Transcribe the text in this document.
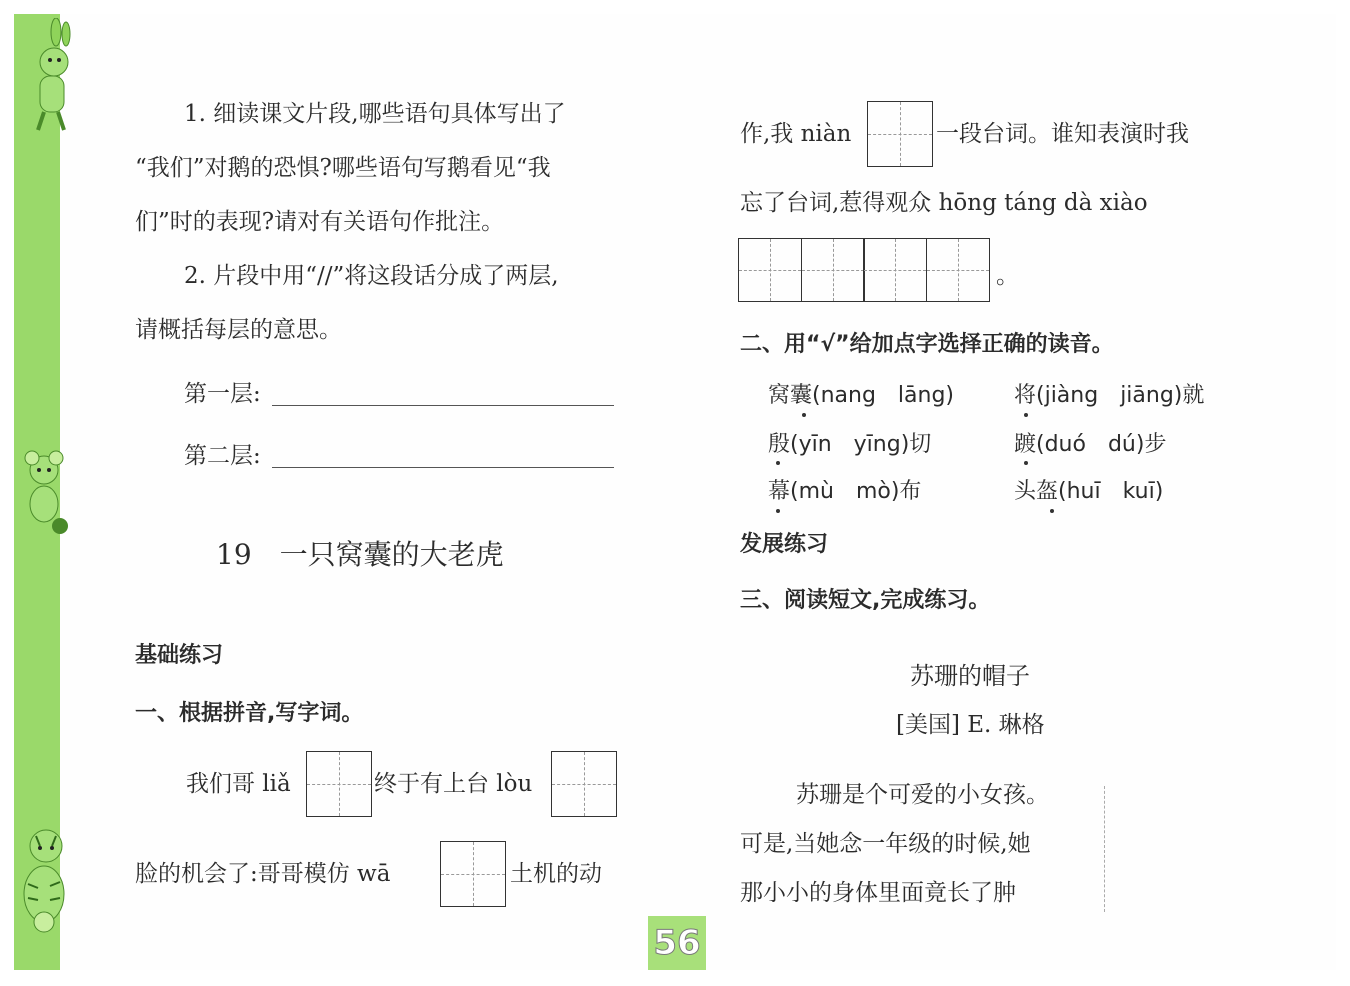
1. 细读课文片段,哪些语句具体写出了
“我们”对鹅的恐惧?哪些语句写鹅看见“我
们”时的表现?请对有关语句作批注。
2. 片段中用“//”将这段话分成了两层,
请概括每层的意思。
第一层:
第二层:
19　一只窝囊的大老虎
基础练习
一、根据拼音,写字词。
我们哥 liǎ	终于有上台 lòu
脸的机会了:哥哥模仿 wā	土机的动
作,我 niàn	一段台词。谁知表演时我
忘了台词,惹得观众 hōng táng dà xiào
。
二、用“√”给加点字选择正确的读音。
窝囊(nang　lāng)	将(jiàng　jiāng)就
殷(yīn　yīng)切	踱(duó　dú)步
幕(mù　mò)布	头盔(huī　kuī)
发展练习
三、阅读短文,完成练习。
苏珊的帽子
[美国] E. 琳格
苏珊是个可爱的小女孩。
可是,当她念一年级的时候,她
那小小的身体里面竟长了肿
56
